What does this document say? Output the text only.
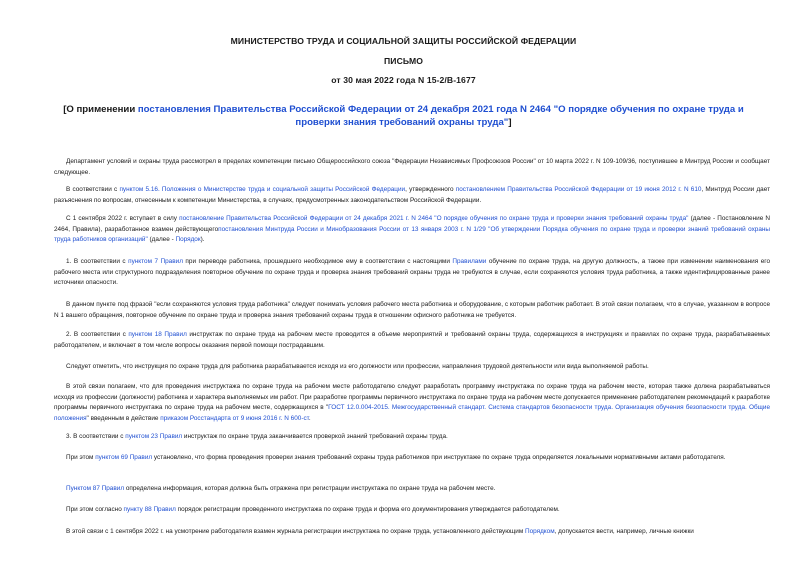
МИНИСТЕРСТВО ТРУДА И СОЦИАЛЬНОЙ ЗАЩИТЫ РОССИЙСКОЙ ФЕДЕРАЦИИ
ПИСЬМО
от 30 мая 2022 года N 15-2/В-1677
[О применении постановления Правительства Российской Федерации от 24 декабря 2021 года N 2464 "О порядке обучения по охране труда и проверки знания требований охраны труда"]

Департамент условий и охраны труда рассмотрел в пределах компетенции письмо Общероссийского союза "Федерации Независимых Профсоюзов России" от 10 марта 2022 г. N 109-109/36, поступившее в Минтруд России и сообщает следующее.

В соответствии с пунктом 5.16. Положения о Министерстве труда и социальной защиты Российской Федерации, утвержденного постановлением Правительства Российской Федерации от 19 июня 2012 г. N 610, Минтруд России дает разъяснения по вопросам, отнесенным к компетенции Министерства, в случаях, предусмотренных законодательством Российской Федерации.

С 1 сентября 2022 г. вступает в силу постановление Правительства Российской Федерации от 24 декабря 2021 г. N 2464 "О порядке обучения по охране труда и проверки знания требований охраны труда" (далее - Постановление N 2464, Правила), разработанное взамен действующегопостановления Минтруда России и Минобразования России от 13 января 2003 г. N 1/29 "Об утверждении Порядка обучения по охране труда и проверки знаний требований охраны труда работников организаций" (далее - Порядок).

1. В соответствии с пунктом 7 Правил при переводе работника, прошедшего необходимое ему в соответствии с настоящими Правилами обучение по охране труда, на другую должность, а также при изменении наименования его рабочего места или структурного подразделения повторное обучение по охране труда и проверка знания требований охраны труда не требуются в случае, если сохраняются условия труда работника, а также идентифицированные ранее источники опасности.

В данном пункте под фразой "если сохраняются условия труда работника" следует понимать условия рабочего места работника и оборудование, с которым работник работает. В этой связи полагаем, что в случае, указанном в вопросе N 1 вашего обращения, повторное обучение по охране труда и проверка знания требований охраны труда в отношении офисного работника не требуется.

2. В соответствии с пунктом 18 Правил инструктаж по охране труда на рабочем месте проводится в объеме мероприятий и требований охраны труда, содержащихся в инструкциях и правилах по охране труда, разрабатываемых работодателем, и включает в том числе вопросы оказания первой помощи пострадавшим.

Следует отметить, что инструкция по охране труда для работника разрабатывается исходя из его должности или профессии, направления трудовой деятельности или вида выполняемой работы.

В этой связи полагаем, что для проведения инструктажа по охране труда на рабочем месте работодателю следует разработать программу инструктажа по охране труда на рабочем месте, которая также должна разрабатываться исходя из профессии (должности) работника и характера выполняемых им работ. При разработке программы первичного инструктажа по охране труда на рабочем месте допускается применение работодателем рекомендаций к разработке программы первичного инструктажа по охране труда на рабочем месте, содержащихся в "ГОСТ 12.0.004-2015. Межгосударственный стандарт. Система стандартов безопасности труда. Организация обучения безопасности труда. Общие положения" введенным в действие приказом Росстандарта от 9 июня 2016 г. N 600-ст.

3. В соответствии с пунктом 23 Правил инструктаж по охране труда заканчивается проверкой знаний требований охраны труда.

При этом пунктом 69 Правил установлено, что форма проведения проверки знания требований охраны труда работников при инструктаже по охране труда определяется локальными нормативными актами работодателя.

Пунктом 87 Правил определена информация, которая должна быть отражена при регистрации инструктажа по охране труда на рабочем месте.

При этом согласно пункту 88 Правил порядок регистрации проведенного инструктажа по охране труда и форма его документирования утверждается работодателем.

В этой связи с 1 сентября 2022 г. на усмотрение работодателя взамен журнала регистрации инструктажа по охране труда, установленного действующим Порядком, допускается вести, например, личные книжки
